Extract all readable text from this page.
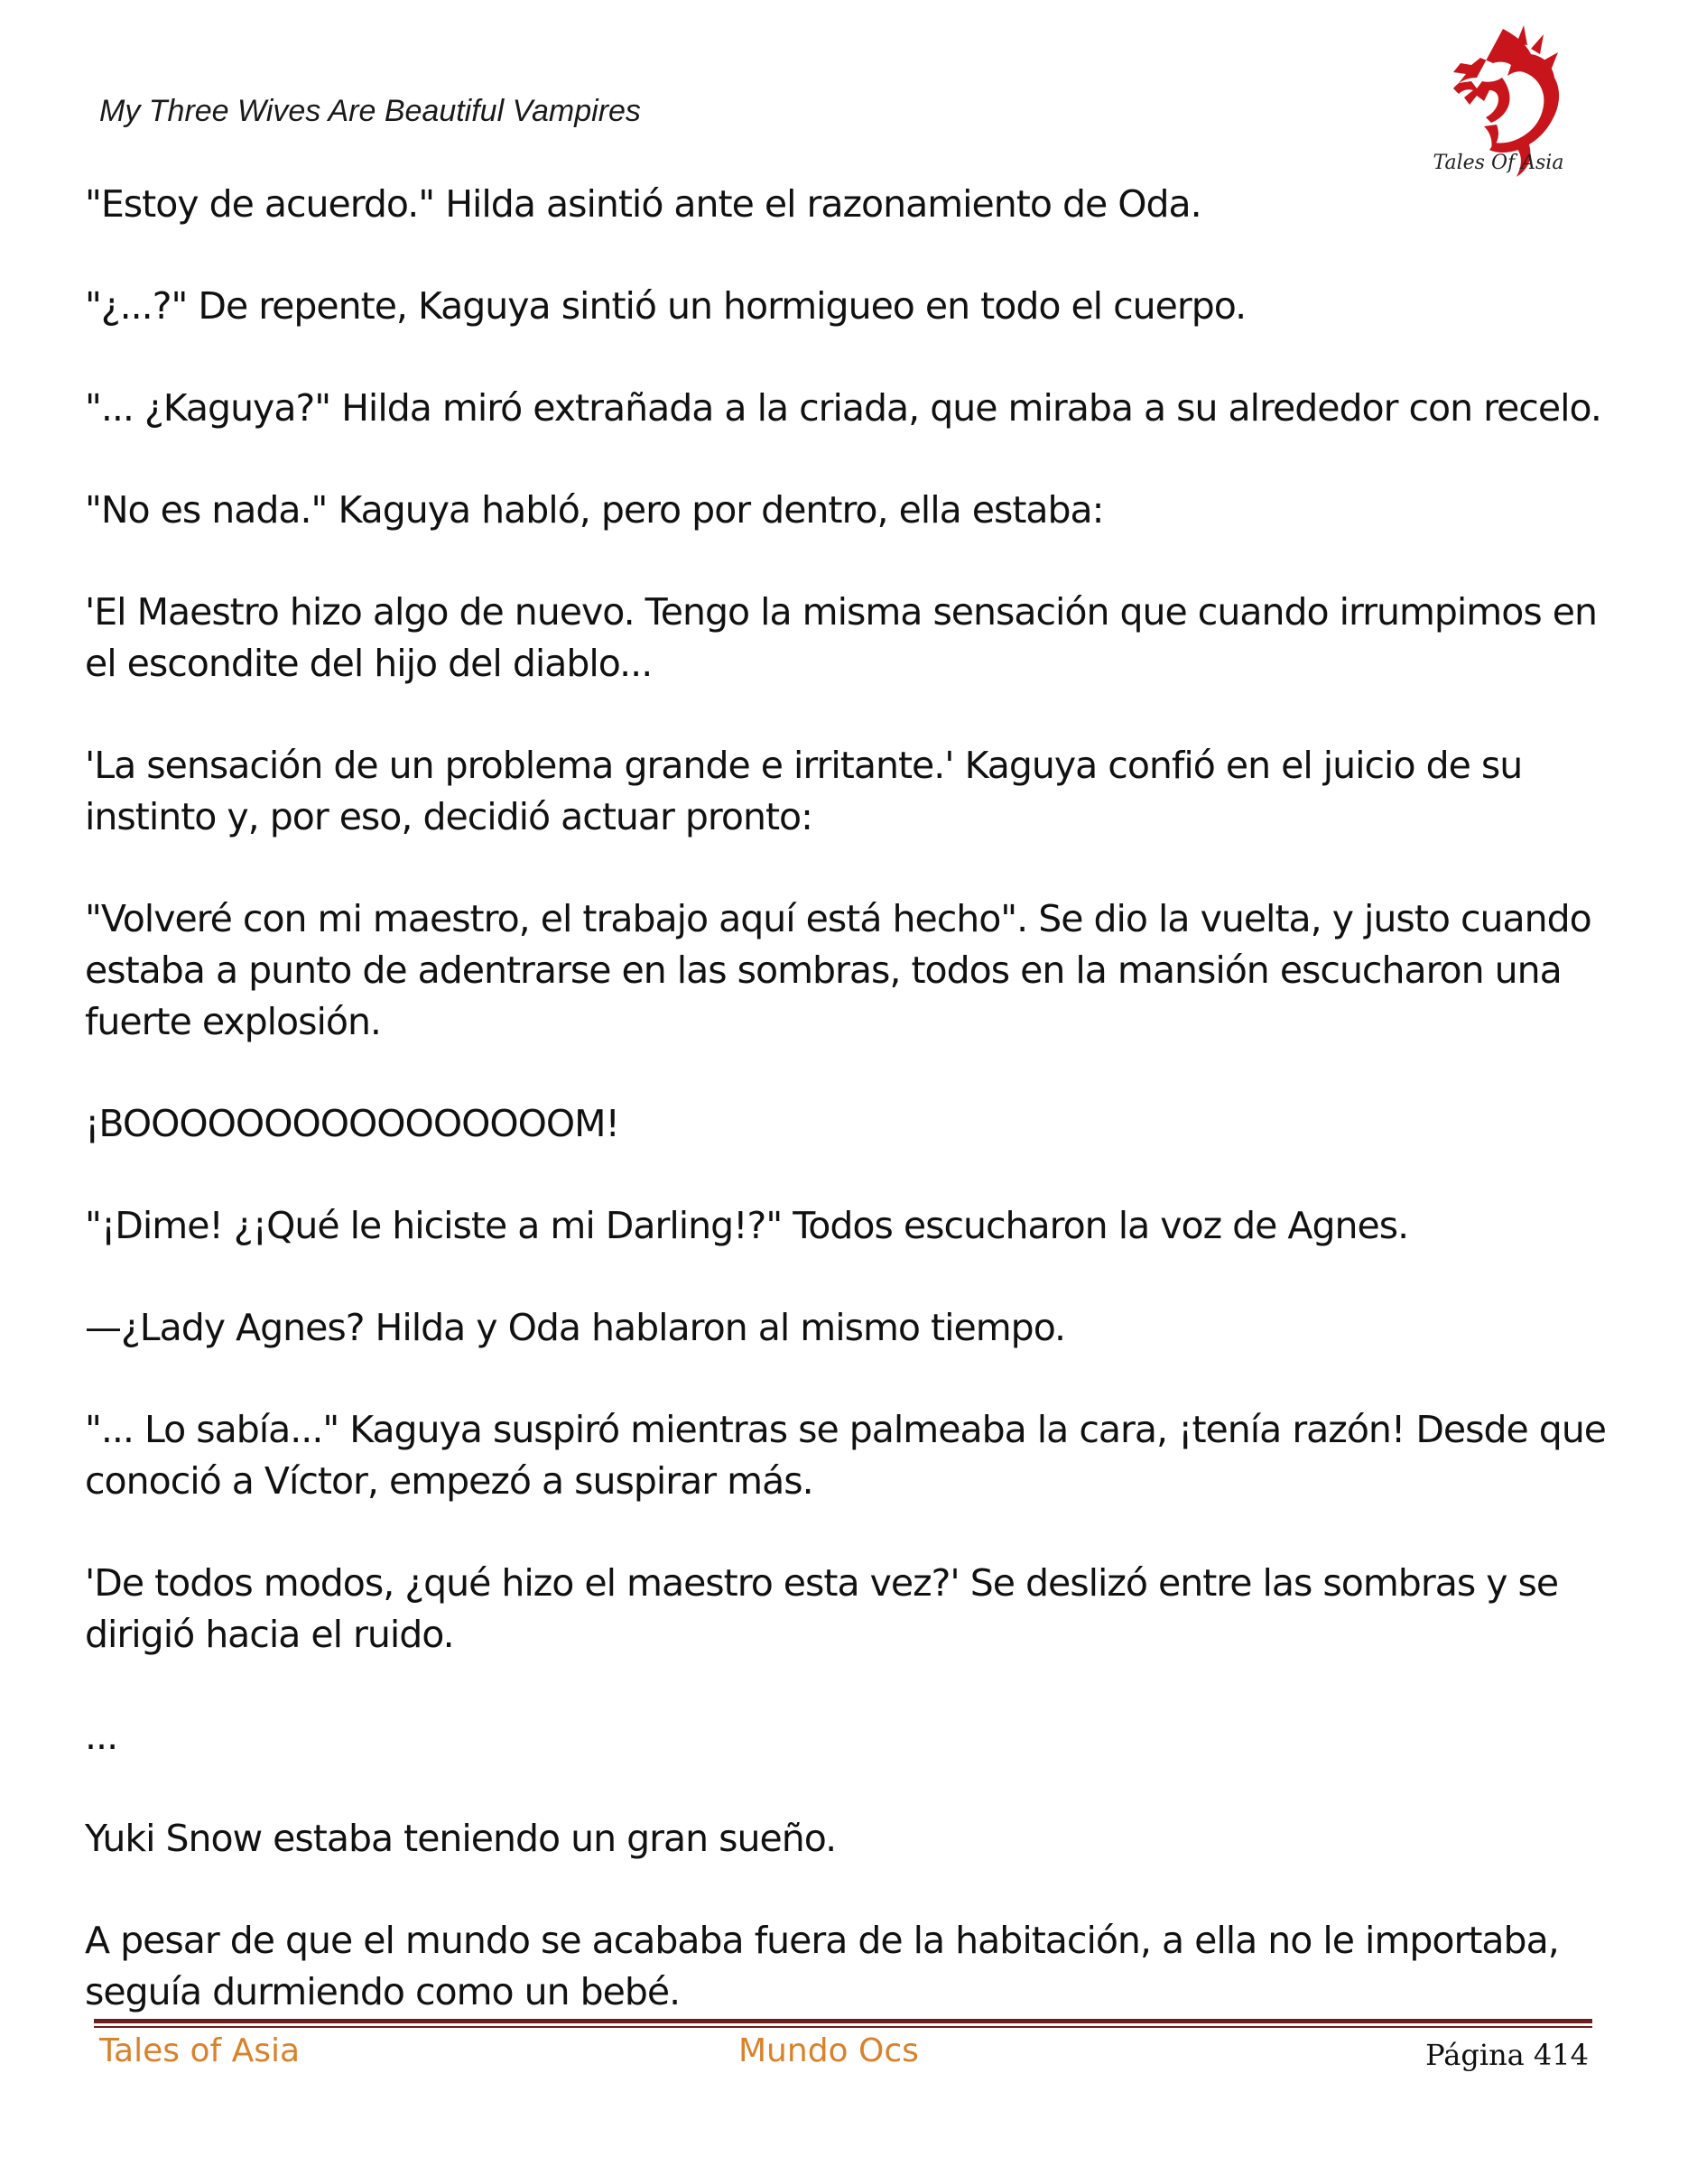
My Three Wives Are Beautiful Vampires
Tales Of Asia

"Estoy de acuerdo." Hilda asintió ante el razonamiento de Oda.

"¿...?" De repente, Kaguya sintió un hormigueo en todo el cuerpo.

"... ¿Kaguya?" Hilda miró extrañada a la criada, que miraba a su alrededor con recelo.

"No es nada." Kaguya habló, pero por dentro, ella estaba:

'El Maestro hizo algo de nuevo. Tengo la misma sensación que cuando irrumpimos en el escondite del hijo del diablo...

'La sensación de un problema grande e irritante.' Kaguya confió en el juicio de su instinto y, por eso, decidió actuar pronto:

"Volveré con mi maestro, el trabajo aquí está hecho". Se dio la vuelta, y justo cuando estaba a punto de adentrarse en las sombras, todos en la mansión escucharon una fuerte explosión.

¡BOOOOOOOOOOOOOOOOM!

"¡Dime! ¿¡Qué le hiciste a mi Darling!?" Todos escucharon la voz de Agnes.

—¿Lady Agnes? Hilda y Oda hablaron al mismo tiempo.

"... Lo sabía..." Kaguya suspiró mientras se palmeaba la cara, ¡tenía razón! Desde que conoció a Víctor, empezó a suspirar más.

'De todos modos, ¿qué hizo el maestro esta vez?' Se deslizó entre las sombras y se dirigió hacia el ruido.

...

Yuki Snow estaba teniendo un gran sueño.

A pesar de que el mundo se acababa fuera de la habitación, a ella no le importaba, seguía durmiendo como un bebé.

Tales of Asia	Mundo Ocs	Página 414
